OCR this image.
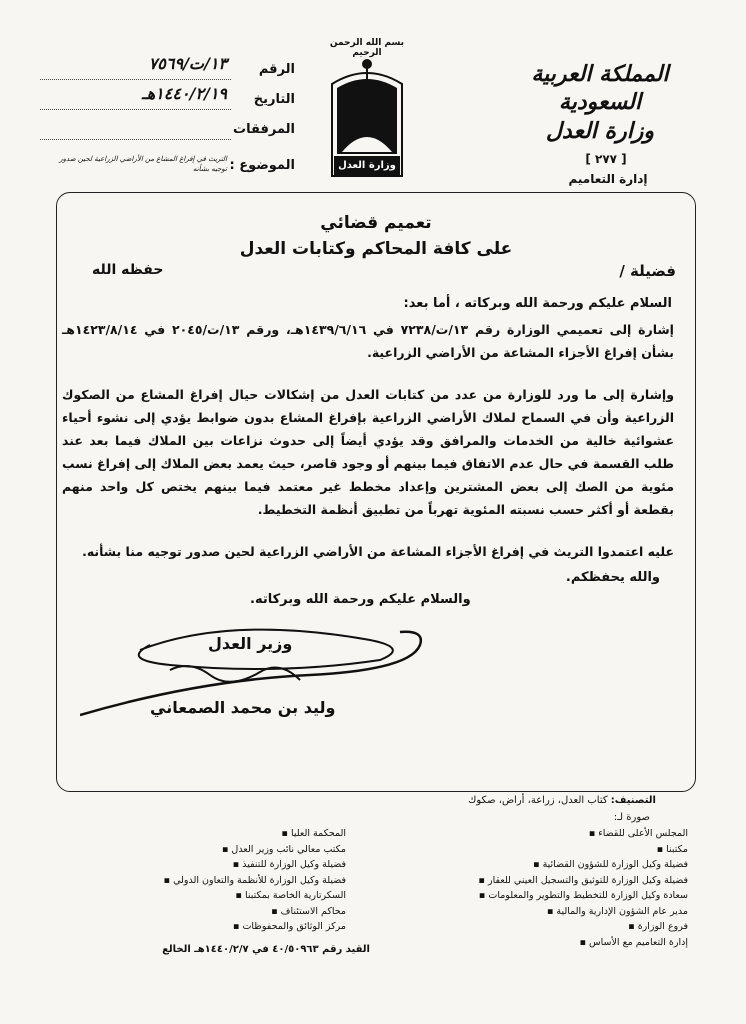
المملكة العربية السعودية
وزارة العدل
[ ٢٧٧ ]
إدارة التعاميم
بسم الله الرحمن الرحيم
وزارة العدل
الرقم
١٣/ت/٧٥٦٩
التاريخ
١٤٤٠/٢/١٩هـ
المرفقات
الموضوع :
التريث في إفراغ المشاع من الأراضي الزراعية لحين صدور توجيه بشأنه
تعميم قضائي
على كافة المحاكم وكتابات العدل
فضيلة /
حفظه الله
السلام عليكم ورحمة الله وبركاته ، أما بعد:
إشارة إلى تعميمي الوزارة رقم ١٣/ت/٧٢٣٨ في ١٤٣٩/٦/١٦هـ، ورقم ١٣/ت/٢٠٤٥ في ١٤٢٣/٨/١٤هـ بشأن إفراغ الأجزاء المشاعة من الأراضي الزراعية.
وإشارة إلى ما ورد للوزارة من عدد من كتابات العدل من إشكالات حيال إفراغ المشاع من الصكوك الزراعية وأن في السماح لملاك الأراضي الزراعية بإفراغ المشاع بدون ضوابط يؤدي إلى نشوء أحياء عشوائية خالية من الخدمات والمرافق وقد يؤدي أيضاً إلى حدوث نزاعات بين الملاك فيما بعد عند طلب القسمة في حال عدم الاتفاق فيما بينهم أو وجود قاصر، حيث يعمد بعض الملاك إلى إفراغ نسب مئوية من الصك إلى بعض المشترين وإعداد مخطط غير معتمد فيما بينهم يختص كل واحد منهم بقطعة أو أكثر حسب نسبته المئوية تهرباً من تطبيق أنظمة التخطيط.
عليه اعتمدوا التريث في إفراغ الأجزاء المشاعة من الأراضي الزراعية لحين صدور توجيه منا بشأنه.
والله يحفظكم.
والسلام عليكم ورحمة الله وبركاته.
وزير العدل
وليد بن محمد الصمعاني
التصنيف: كتاب العدل، زراعة، أراض، صكوك
صورة لـ:
المجلس الأعلى للقضاء ▪
مكتبنا ▪
فضيلة وكيل الوزارة للشؤون القضائية ▪
فضيلة وكيل الوزارة للتوثيق والتسجيل العيني للعقار ▪
سعادة وكيل الوزارة للتخطيط والتطوير والمعلومات ▪
مدير عام الشؤون الإدارية والمالية ▪
فروع الوزارة ▪
إدارة التعاميم مع الأساس ▪
المحكمة العليا ▪
مكتب معالي نائب وزير العدل ▪
فضيلة وكيل الوزارة للتنفيذ ▪
فضيلة وكيل الوزارة للأنظمة والتعاون الدولي ▪
السكرتارية الخاصة بمكتبنا ▪
محاكم الاستئناف ▪
مركز الوثائق والمحفوظات ▪
القيد رقم ٤٠/٥٠٩٦٣ في ١٤٤٠/٢/٧هـ الخالع
